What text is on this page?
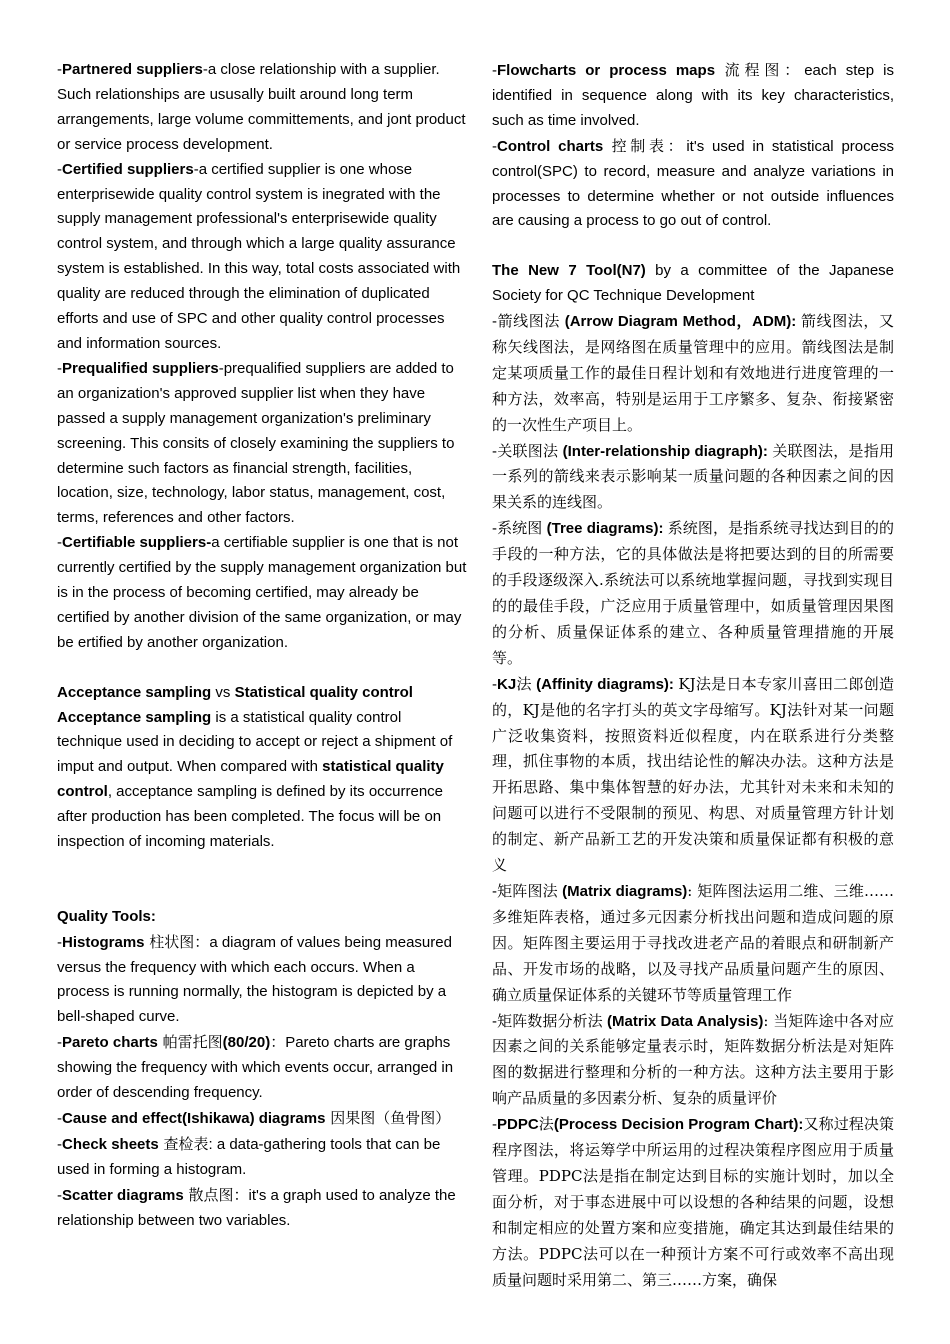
-Partnered suppliers-a close relationship with a supplier. Such relationships are ususally built around long term arrangements, large volume committements, and jont product or service process development.

-Certified suppliers-a certified supplier is one whose enterprisewide quality control system is inegrated with the supply management professional's enterprisewide quality control system, and through which a large quality assurance system is established. In this way, total costs associated with quality are reduced through the elimination of duplicated efforts and use of SPC and other quality control processes and information sources.

-Prequalified suppliers-prequalified suppliers are added to an organization's approved supplier list when they have passed a supply management organization's preliminary screening. This consits of closely examining the suppliers to determine such factors as financial strength, facilities, location, size, technology, labor status, management, cost, terms, references and other factors.

-Certifiable suppliers-a certifiable supplier is one that is not currently certified by the supply management organization but is in the process of becoming certified, may already be certified by another division of the same organization, or may be ertified by another organization.

Acceptance sampling vs Statistical quality control

Acceptance sampling is a statistical quality control technique used in deciding to accept or reject a shipment of imput and output. When compared with statistical quality control, acceptance sampling is defined by its occurrence after production has been completed. The focus will be on inspection of incoming materials.

Quality Tools:

-Histograms 柱状图：a diagram of values being measured versus the frequency with which each occurs. When a process is running normally, the histogram is depicted by a bell-shaped curve.

-Pareto charts 帕雷托图(80/20)：Pareto charts are graphs showing the frequency with which events occur, arranged in order of descending frequency.

-Cause and effect(Ishikawa) diagrams 因果图（鱼骨图）

-Check sheets 查检表: a data-gathering tools that can be used in forming a histogram.

-Scatter diagrams 散点图：it's a graph used to analyze the relationship between two variables.

-Flowcharts or process maps 流程图：each step is identified in sequence along with its key characteristics, such as time involved.

-Control charts 控制表：it's used in statistical process control(SPC) to record, measure and analyze variations in processes to determine whether or not outside influences are causing a process to go out of control.

The New 7 Tool(N7) by a committee of the Japanese Society for QC Technique Development

-箭线图法 (Arrow Diagram Method，ADM): 箭线图法，又称矢线图法，是网络图在质量管理中的应用。箭线图法是制定某项质量工作的最佳日程计划和有效地进行进度管理的一种方法，效率高，特别是运用于工序繁多、复杂、衔接紧密的一次性生产项目上。

-关联图法 (Inter-relationship diagraph): 关联图法，是指用一系列的箭线来表示影响某一质量问题的各种因素之间的因果关系的连线图。

-系统图 (Tree diagrams): 系统图，是指系统寻找达到目的的手段的一种方法，它的具体做法是将把要达到的目的所需要的手段逐级深入.系统法可以系统地掌握问题，寻找到实现目的的最佳手段，广泛应用于质量管理中，如质量管理因果图的分析、质量保证体系的建立、各种质量管理措施的开展等。

-KJ法 (Affinity diagrams): KJ法是日本专家川喜田二郎创造的，KJ是他的名字打头的英文字母缩写。KJ法针对某一问题广泛收集资料，按照资料近似程度，内在联系进行分类整理，抓住事物的本质，找出结论性的解决办法。这种方法是开拓思路、集中集体智慧的好办法，尤其针对未来和未知的问题可以进行不受限制的预见、构思、对质量管理方针计划的制定、新产品新工艺的开发决策和质量保证都有积极的意义

-矩阵图法 (Matrix diagrams): 矩阵图法运用二维、三维……多维矩阵表格，通过多元因素分析找出问题和造成问题的原因。矩阵图主要运用于寻找改进老产品的着眼点和研制新产品、开发市场的战略，以及寻找产品质量问题产生的原因、确立质量保证体系的关键环节等质量管理工作

-矩阵数据分析法 (Matrix Data Analysis): 当矩阵途中各对应因素之间的关系能够定量表示时，矩阵数据分析法是对矩阵图的数据进行整理和分析的一种方法。这种方法主要用于影响产品质量的多因素分析、复杂的质量评价

-PDPC法(Process Decision Program Chart):又称过程决策程序图法，将运筹学中所运用的过程决策程序图应用于质量管理。PDPC法是指在制定达到目标的实施计划时，加以全面分析，对于事态进展中可以设想的各种结果的问题，设想和制定相应的处置方案和应变措施，确定其达到最佳结果的方法。PDPC法可以在一种预计方案不可行或效率不高出现质量问题时采用第二、第三……方案，确保
